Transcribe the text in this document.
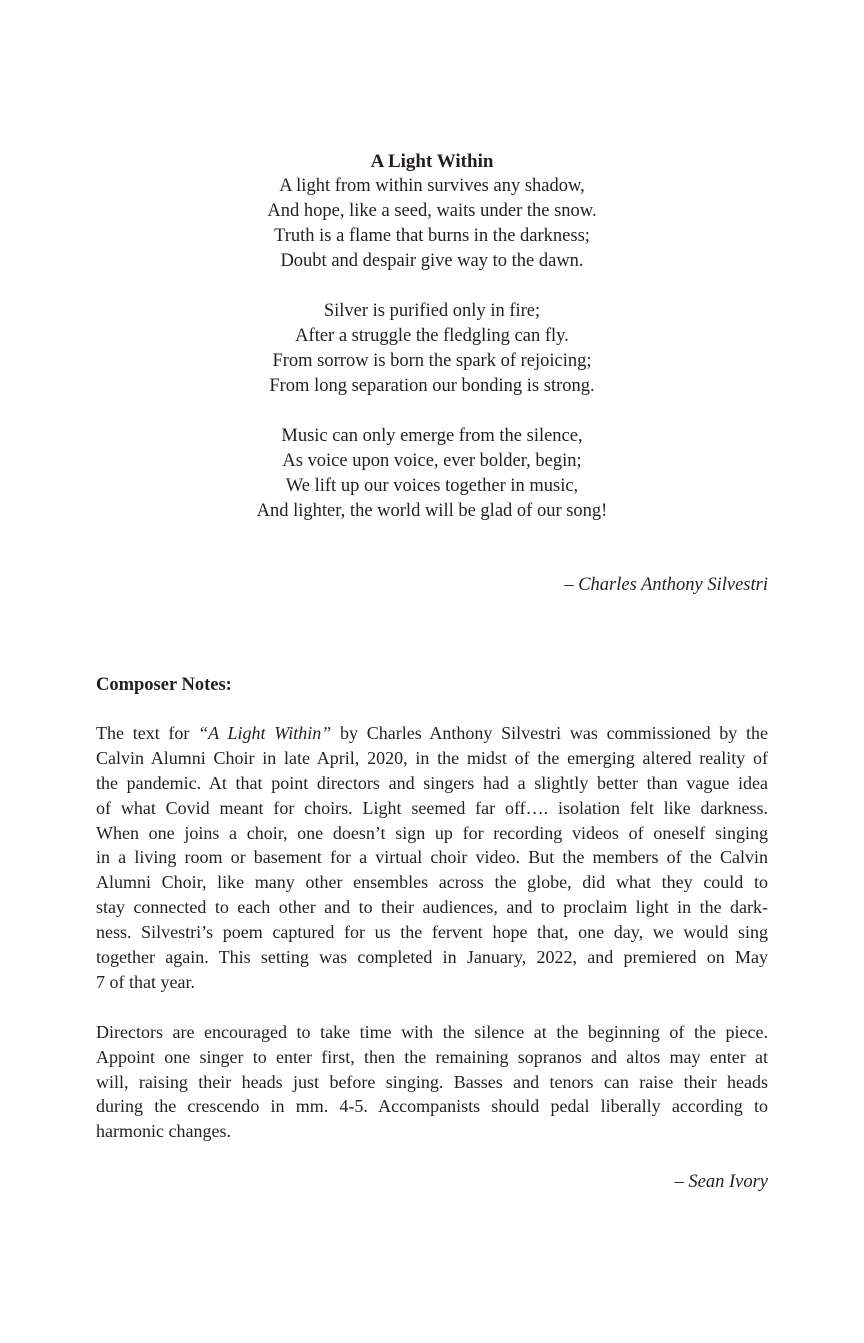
A Light Within
A light from within survives any shadow,
And hope, like a seed, waits under the snow.
Truth is a flame that burns in the darkness;
Doubt and despair give way to the dawn.
Silver is purified only in fire;
After a struggle the fledgling can fly.
From sorrow is born the spark of rejoicing;
From long separation our bonding is strong.
Music can only emerge from the silence,
As voice upon voice, ever bolder, begin;
We lift up our voices together in music,
And lighter, the world will be glad of our song!
– Charles Anthony Silvestri
Composer Notes:
The text for “A Light Within” by Charles Anthony Silvestri was commissioned by the
Calvin Alumni Choir in late April, 2020, in the midst of the emerging altered reality of
the pandemic. At that point directors and singers had a slightly better than vague idea
of what Covid meant for choirs. Light seemed far off…. isolation felt like darkness.
When one joins a choir, one doesn’t sign up for recording videos of oneself singing
in a living room or basement for a virtual choir video. But the members of the Calvin
Alumni Choir, like many other ensembles across the globe, did what they could to
stay connected to each other and to their audiences, and to proclaim light in the dark-
ness. Silvestri’s poem captured for us the fervent hope that, one day, we would sing
together again. This setting was completed in January, 2022, and premiered on May
7 of that year.
Directors are encouraged to take time with the silence at the beginning of the piece.
Appoint one singer to enter first, then the remaining sopranos and altos may enter at
will, raising their heads just before singing. Basses and tenors can raise their heads
during the crescendo in mm. 4-5. Accompanists should pedal liberally according to
harmonic changes.
– Sean Ivory
